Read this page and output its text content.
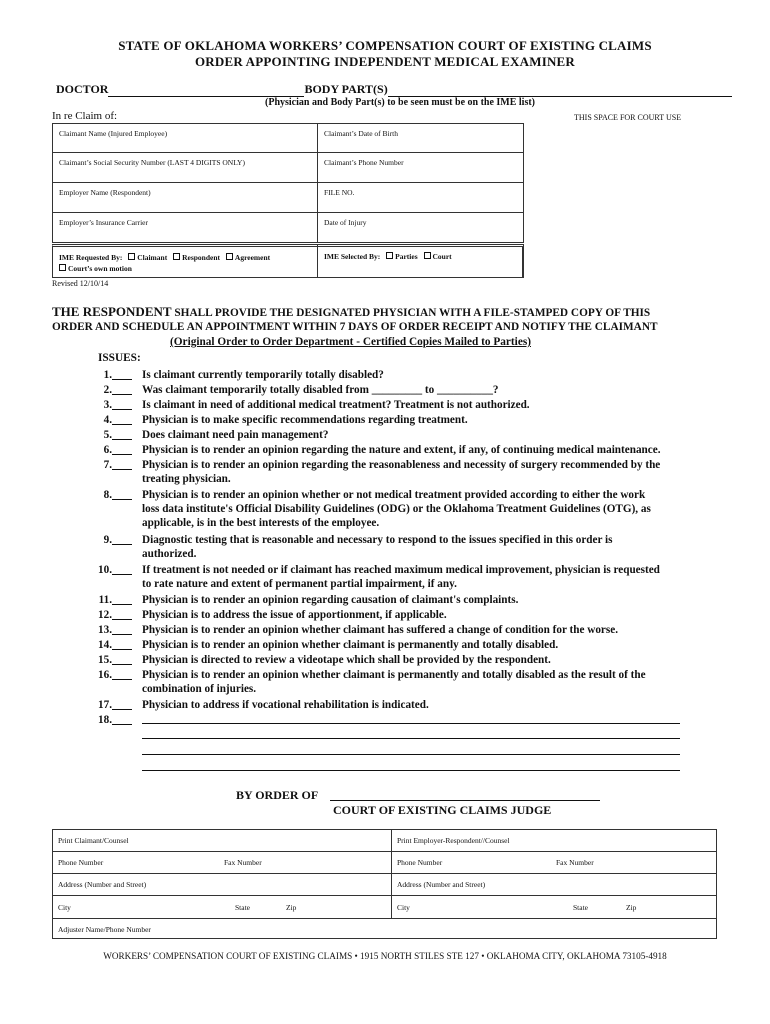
STATE OF OKLAHOMA WORKERS’ COMPENSATION COURT OF EXISTING CLAIMS
ORDER APPOINTING INDEPENDENT MEDICAL EXAMINER
DOCTOR	BODY PART(S)
(Physician and Body Part(s) to be seen must be on the IME list)
In re Claim of:	THIS SPACE FOR COURT USE
Claimant Name (Injured Employee)	Claimant’s Date of Birth
Claimant’s Social Security Number (LAST 4 DIGITS ONLY)	Claimant’s Phone Number
Employer Name (Respondent)	FILE NO.
Employer’s Insurance Carrier	Date of Injury
IME Requested By: Claimant Respondent Agreement
Court’s own motion
IME Selected By: Parties Court
Revised 12/10/14
THE RESPONDENT SHALL PROVIDE THE DESIGNATED PHYSICIAN WITH A FILE-STAMPED COPY OF THIS
ORDER AND SCHEDULE AN APPOINTMENT WITHIN 7 DAYS OF ORDER RECEIPT AND NOTIFY THE CLAIMANT
(Original Order to Order Department - Certified Copies Mailed to Parties)
ISSUES:
1.	Is claimant currently temporarily totally disabled?
2.	Was claimant temporarily totally disabled from _________ to __________?
3.	Is claimant in need of additional medical treatment? Treatment is not authorized.
4.	Physician is to make specific recommendations regarding treatment.
5.	Does claimant need pain management?
6.	Physician is to render an opinion regarding the nature and extent, if any, of continuing medical maintenance.
7.	Physician is to render an opinion regarding the reasonableness and necessity of surgery recommended by the
treating physician.
8.	Physician is to render an opinion whether or not medical treatment provided according to either the work
loss data institute's Official Disability Guidelines (ODG) or the Oklahoma Treatment Guidelines (OTG), as
applicable, is in the best interests of the employee.
9.	Diagnostic testing that is reasonable and necessary to respond to the issues specified in this order is
authorized.
10.	If treatment is not needed or if claimant has reached maximum medical improvement, physician is requested
to rate nature and extent of permanent partial impairment, if any.
11.	Physician is to render an opinion regarding causation of claimant's complaints.
12.	Physician is to address the issue of apportionment, if applicable.
13.	Physician is to render an opinion whether claimant has suffered a change of condition for the worse.
14.	Physician is to render an opinion whether claimant is permanently and totally disabled.
15.	Physician is directed to review a videotape which shall be provided by the respondent.
16.	Physician is to render an opinion whether claimant is permanently and totally disabled as the result of the
combination of injuries.
17.	Physician to address if vocational rehabilitation is indicated.
18.
BY ORDER OF
COURT OF EXISTING CLAIMS JUDGE
Print Claimant/Counsel	Print Employer-Respondent//Counsel
Phone Number	Fax Number	Phone Number	Fax Number
Address (Number and Street)	Address (Number and Street)
City	State	Zip	City	State	Zip
Adjuster Name/Phone Number
WORKERS’ COMPENSATION COURT OF EXISTING CLAIMS • 1915 NORTH STILES STE 127 • OKLAHOMA CITY, OKLAHOMA 73105-4918
